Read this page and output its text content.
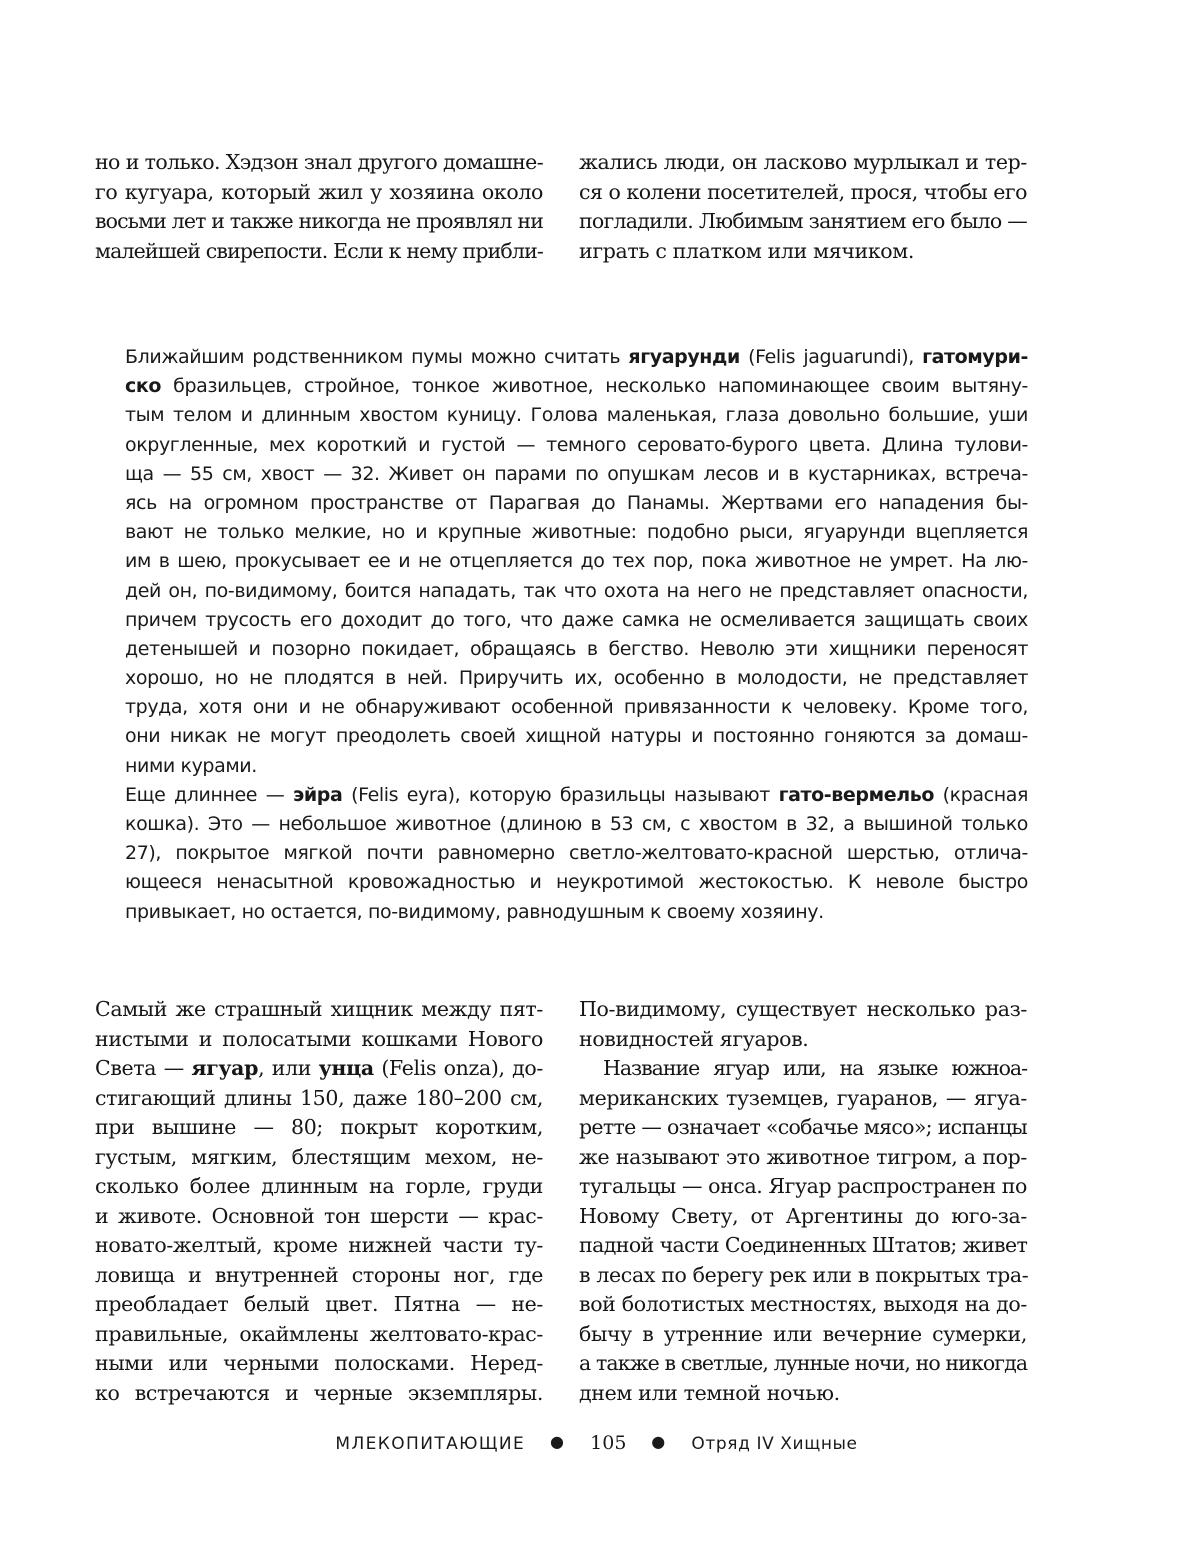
но и только. Хэдзон знал другого домашне-
го кугуара, который жил у хозяина около
восьми лет и также никогда не проявлял ни
малейшей свирепости. Если к нему прибли-
жались люди, он ласково мурлыкал и тер-
ся о колени посетителей, прося, чтобы его
погладили. Любимым занятием его было —
играть с платком или мячиком.
Ближайшим родственником пумы можно считать ягуарунди (Felis jaguarundi), гатомури-
ско бразильцев, стройное, тонкое животное, несколько напоминающее своим вытяну-
тым телом и длинным хвостом куницу. Голова маленькая, глаза довольно большие, уши
округленные, мех короткий и густой — темного серовато-бурого цвета. Длина тулови-
ща — 55 см, хвост — 32. Живет он парами по опушкам лесов и в кустарниках, встреча-
ясь на огромном пространстве от Парагвая до Панамы. Жертвами его нападения бы-
вают не только мелкие, но и крупные животные: подобно рыси, ягуарунди вцепляется
им в шею, прокусывает ее и не отцепляется до тех пор, пока животное не умрет. На лю-
дей он, по-видимому, боится нападать, так что охота на него не представляет опасности,
причем трусость его доходит до того, что даже самка не осмеливается защищать своих
детенышей и позорно покидает, обращаясь в бегство. Неволю эти хищники переносят
хорошо, но не плодятся в ней. Приручить их, особенно в молодости, не представляет
труда, хотя они и не обнаруживают особенной привязанности к человеку. Кроме того,
они никак не могут преодолеть своей хищной натуры и постоянно гоняются за домаш-
ними курами.
Еще длиннее — эйра (Felis eyra), которую бразильцы называют гато-вермельо (красная
кошка). Это — небольшое животное (длиною в 53 см, с хвостом в 32, а вышиной только
27), покрытое мягкой почти равномерно светло-желтовато-красной шерстью, отлича-
ющееся ненасытной кровожадностью и неукротимой жестокостью. К неволе быстро
привыкает, но остается, по-видимому, равнодушным к своему хозяину.
Самый же страшный хищник между пят-
нистыми и полосатыми кошками Нового
Света — ягуар, или унца (Felis onza), до-
стигающий длины 150, даже 180–200 см,
при вышине — 80; покрыт коротким,
густым, мягким, блестящим мехом, не-
сколько более длинным на горле, груди
и животе. Основной тон шерсти — крас-
новато-желтый, кроме нижней части ту-
ловища и внутренней стороны ног, где
преобладает белый цвет. Пятна — не-
правильные, окаймлены желтовато-крас-
ными или черными полосками. Неред-
ко встречаются и черные экземпляры.
По-видимому, существует несколько раз-
новидностей ягуаров.
Название ягуар или, на языке южноа-
мериканских туземцев, гуаранов, — ягуа-
ретте — означает «собачье мясо»; испанцы
же называют это животное тигром, а пор-
тугальцы — онса. Ягуар распространен по
Новому Свету, от Аргентины до юго-за-
падной части Соединенных Штатов; живет
в лесах по берегу рек или в покрытых тра-
вой болотистых местностях, выходя на до-
бычу в утренние или вечерние сумерки,
а также в светлые, лунные ночи, но никогда
днем или темной ночью.
МЛЕКОПИТАЮЩИЕ ● 105 ● Отряд IV Хищные
